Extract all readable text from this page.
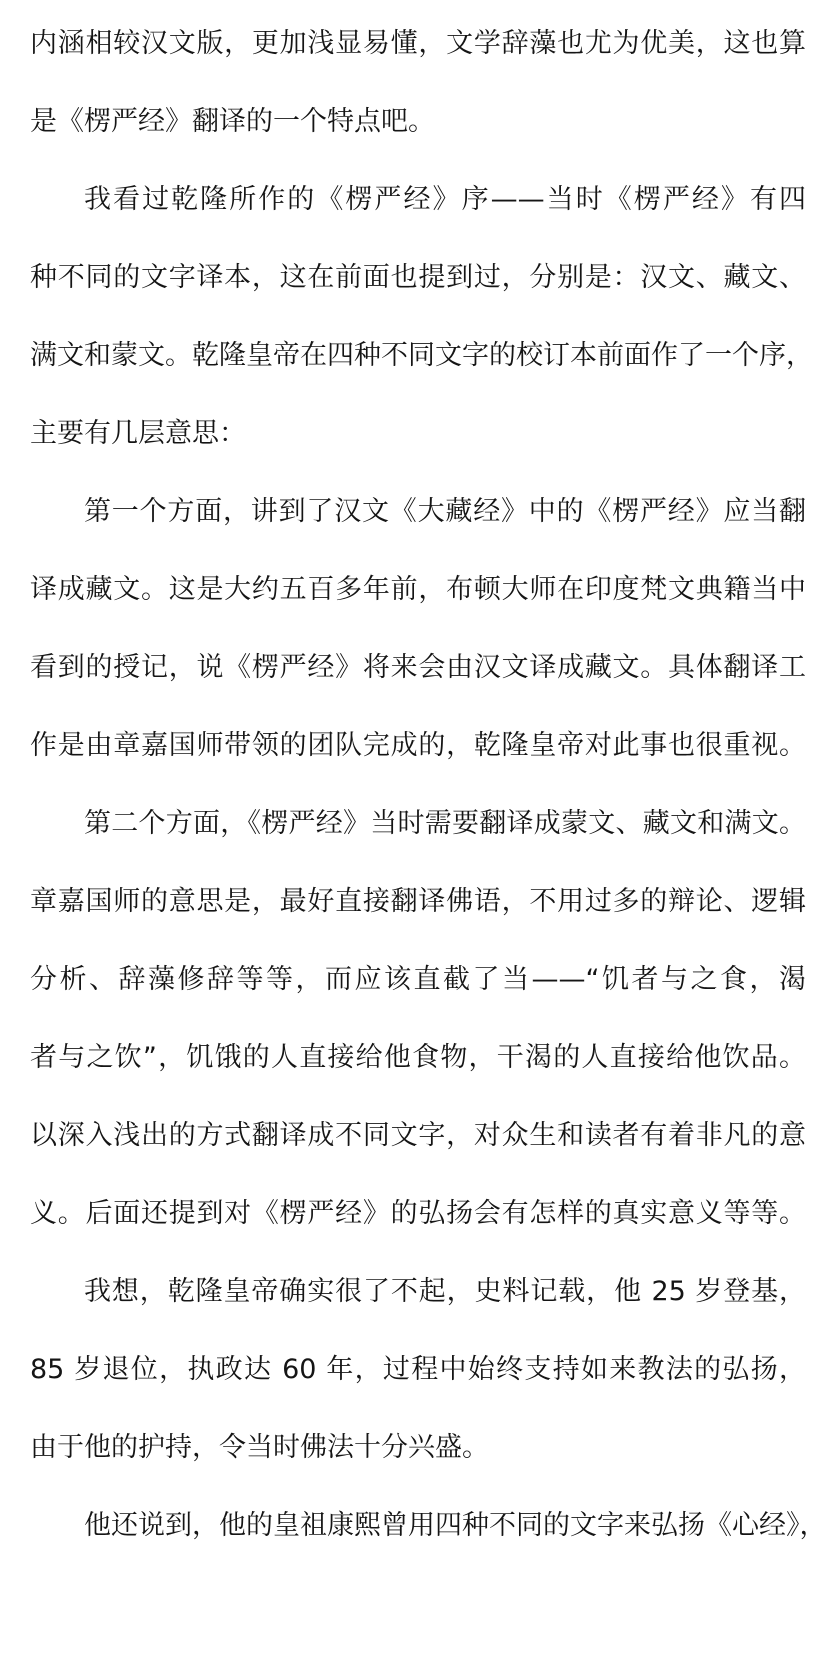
内涵相较汉文版，更加浅显易懂，文学辞藻也尤为优美，这也算
是《楞严经》翻译的一个特点吧。
我看过乾隆所作的《楞严经》序——当时《楞严经》有四
种不同的文字译本，这在前面也提到过，分别是：汉文、藏文、
满文和蒙文。乾隆皇帝在四种不同文字的校订本前面作了一个序，
主要有几层意思：
第一个方面，讲到了汉文《大藏经》中的《楞严经》应当翻
译成藏文。这是大约五百多年前，布顿大师在印度梵文典籍当中
看到的授记，说《楞严经》将来会由汉文译成藏文。具体翻译工
作是由章嘉国师带领的团队完成的，乾隆皇帝对此事也很重视。
第二个方面，《楞严经》当时需要翻译成蒙文、藏文和满文。
章嘉国师的意思是，最好直接翻译佛语，不用过多的辩论、逻辑
分析、辞藻修辞等等，而应该直截了当——“饥者与之食，渴
者与之饮”，饥饿的人直接给他食物，干渴的人直接给他饮品。
以深入浅出的方式翻译成不同文字，对众生和读者有着非凡的意
义。后面还提到对《楞严经》的弘扬会有怎样的真实意义等等。
我想，乾隆皇帝确实很了不起，史料记载，他 25 岁登基，
85 岁退位，执政达 60 年，过程中始终支持如来教法的弘扬，
由于他的护持，令当时佛法十分兴盛。
他还说到，他的皇祖康熙曾用四种不同的文字来弘扬《心经》，
